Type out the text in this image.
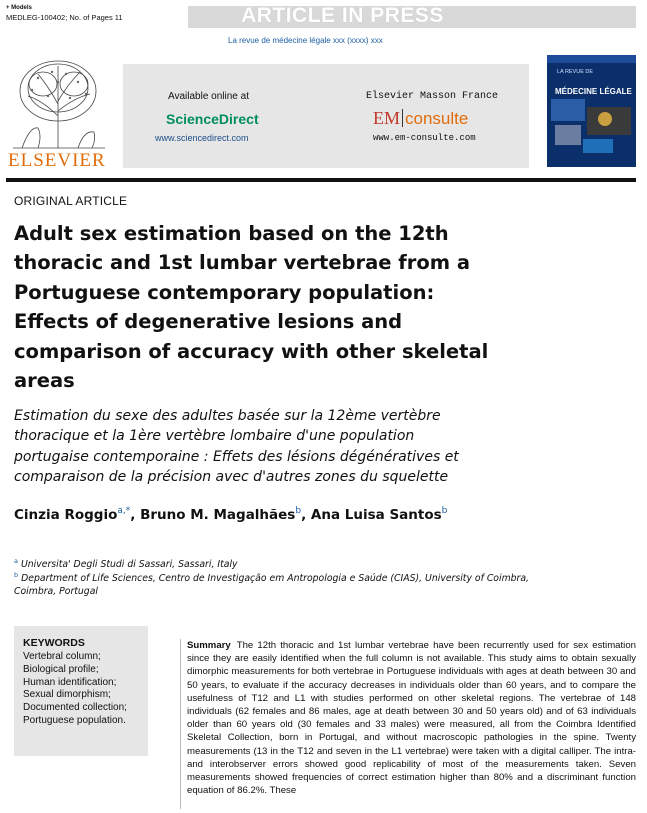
+ Models
MEDLEG-100402; No. of Pages 11	ARTICLE IN PRESS
La revue de médecine légale xxx (xxxx) xxx
ELSEVIER
Available online at
ScienceDirect
www.sciencedirect.com
Elsevier Masson France
EM consulte
www.em-consulte.com
LA REVUE DE
MÉDECINE LÉGALE
ORIGINAL ARTICLE
Adult sex estimation based on the 12th
thoracic and 1st lumbar vertebrae from a
Portuguese contemporary population:
Effects of degenerative lesions and
comparison of accuracy with other skeletal
areas
Estimation du sexe des adultes basée sur la 12ème vertèbre
thoracique et la 1ère vertèbre lombaire d'une population
portugaise contemporaine : Effets des lésions dégénératives et
comparaison de la précision avec d'autres zones du squelette
Cinzia Roggio$^{a,*}$, Bruno M. Magalhães$^b$, Ana Luisa Santos$^b$
$^a$ Universita' Degli Studi di Sassari, Sassari, Italy
$^b$ Department of Life Sciences, Centro de Investigação em Antropologia e Saúde (CIAS), University of Coimbra, Coimbra, Portugal
KEYWORDS
Vertebral column;
Biological profile;
Human identification;
Sexual dimorphism;
Documented collection;
Portuguese population.
Summary The 12th thoracic and 1st lumbar vertebrae have been recurrently used for sex estimation since they are easily identified when the full column is not available. This study aims to obtain sexually dimorphic measurements for both vertebrae in Portuguese individuals with ages at death between 30 and 50 years, to evaluate if the accuracy decreases in individuals older than 60 years, and to compare the usefulness of T12 and L1 with studies performed on other skeletal regions. The vertebrae of 148 individuals (62 females and 86 males, age at death between 30 and 50 years old) and of 63 individuals older than 60 years old (30 females and 33 males) were measured, all from the Coimbra Identified Skeletal Collection, born in Portugal, and without macroscopic pathologies in the spine. Twenty measurements (13 in the T12 and seven in the L1 vertebrae) were taken with a digital calliper. The intra- and interobserver errors showed good replicability of most of the measurements taken. Seven measurements showed frequencies of correct estimation higher than 80% and a discriminant function equation of 86.2%. These
